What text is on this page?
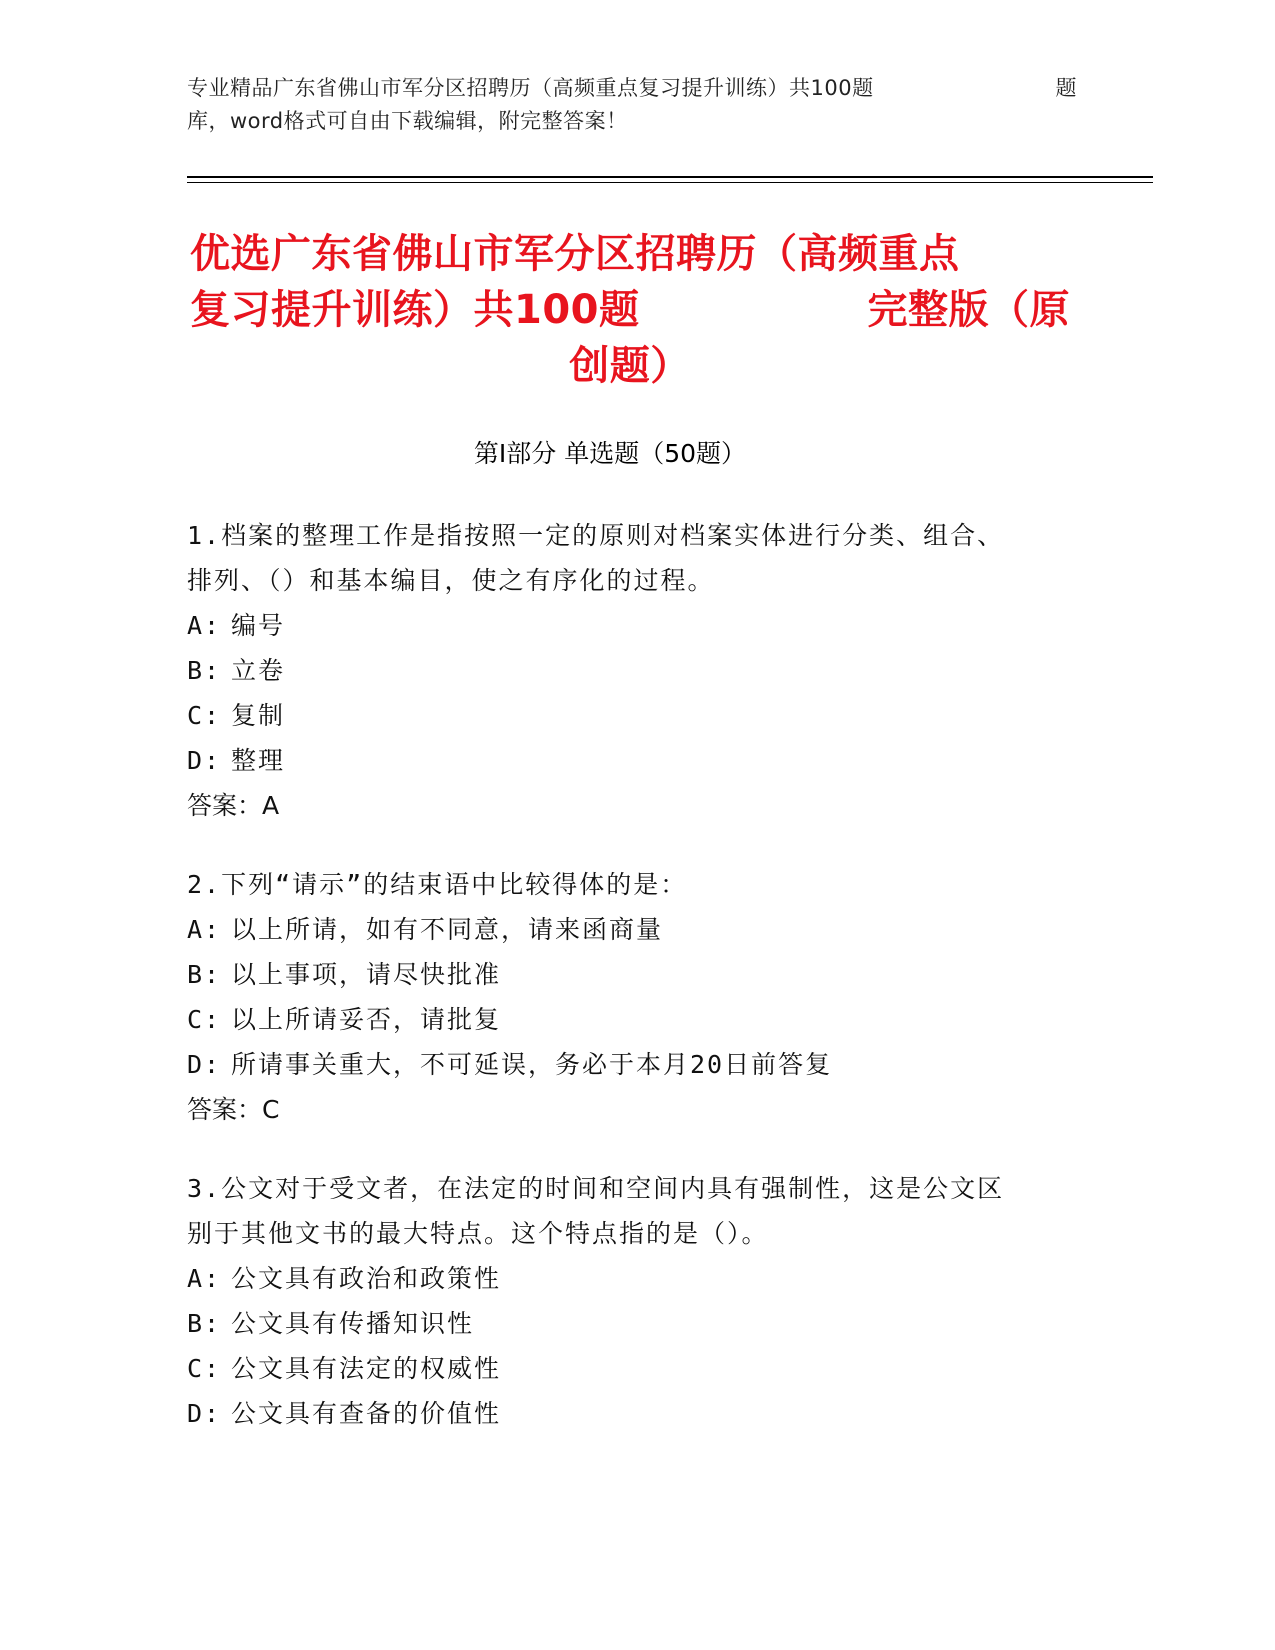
专业精品广东省佛山市军分区招聘历（高频重点复习提升训练）共100题	题
库，word格式可自由下载编辑，附完整答案！
优选广东省佛山市军分区招聘历（高频重点
复习提升训练）共100题	完整版（原
创题）
第Ⅰ部分 单选题（50题）
1.档案的整理工作是指按照一定的原则对档案实体进行分类、组合、
排列、（）和基本编目，使之有序化的过程。
A: 编号
B: 立卷
C: 复制
D: 整理
答案：A
2.下列“请示”的结束语中比较得体的是：
A: 以上所请，如有不同意，请来函商量
B: 以上事项，请尽快批准
C: 以上所请妥否，请批复
D: 所请事关重大，不可延误，务必于本月20日前答复
答案：C
3.公文对于受文者，在法定的时间和空间内具有强制性，这是公文区
别于其他文书的最大特点。这个特点指的是（）。
A: 公文具有政治和政策性
B: 公文具有传播知识性
C: 公文具有法定的权威性
D: 公文具有查备的价值性
